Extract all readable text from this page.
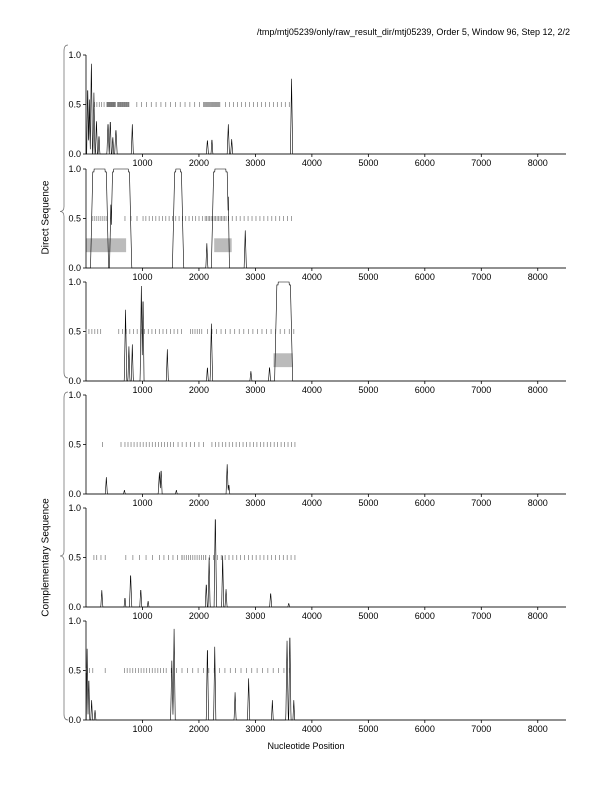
/tmp/mtj05239/only/raw_result_dir/mtj05239, Order 5, Window 96, Step 12, 2/2
0.0
0.5
1.0
1000	2000	3000	4000	5000	6000	7000	8000
0.0
0.5
1.0
1000	2000	3000	4000	5000	6000	7000	8000
0.0
0.5
1.0
1000	2000	3000	4000	5000	6000	7000	8000
0.0
0.5
1.0
1000	2000	3000	4000	5000	6000	7000	8000
0.0
0.5
1.0
1000	2000	3000	4000	5000	6000	7000	8000
0.0
0.5
1.0
1000	2000	3000	4000	5000	6000	7000	8000
Direct Sequence
Complementary Sequence
Nucleotide Position
